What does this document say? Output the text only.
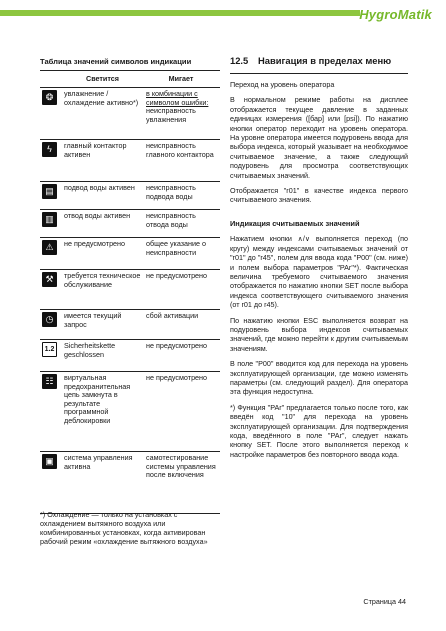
HygroMatik
Таблица значений символов индикации
	Светится	Мигает
❂	увлажнение / охлаждение активно*)	в комбинации с символом ошибки: неисправность увлажнения
ϟ	главный контактор активен	неисправность главного контактора
▤	подвод воды активен	неисправность подвода воды
▥	отвод воды активен	неисправность отвода воды
⚠	не предусмотрено	общее указание о неисправности
⚒	требуется техническое обслуживание	не предусмотрено
◷	имеется текущий запрос	сбой активации
1.2	Sicherheitskette geschlossen	не предусмотрено
☷	виртуальная предохранительная цепь замкнута в результате программной деблокировки	не предусмотрено
▣	система управления активна	самотестирование системы управления после включения
*) Охлаждение — только на установках с охлаждением вытяжного воздуха или комбинированных установках, когда активирован рабочий режим «охлаждение вытяжного воздуха»
12.5	Навигация в пределах меню

Переход на уровень оператора

В нормальном режиме работы на дисплее отображается текущее давление в заданных единицах измерения ([бар] или [psi]). По нажатию кнопки оператор переходит на уровень оператора. На уровне оператора имеется подуровень ввода для выбора индекса, который указывает на необходимое считываемое значение, а также следующий подуровень для просмотра соответствующих считываемых значений.

Отображается "r01" в качестве индекса первого считываемого значения.

Индикация считываемых значений

Нажатием кнопки ∧/∨ выполняется переход (по кругу) между индексами считываемых значений от "r01" до "r45", полем для ввода кода "P00" (см. ниже) и полем выбора параметров "PAr"*). Фактическая величина требуемого считываемого значения отображается по нажатию кнопки SET после выбора индекса соответствующего считываемого значения (от r01 до r45).

По нажатию кнопки ESC выполняется возврат на подуровень выбора индексов считываемых значений, где можно перейти к другим считываемым значениям.

В поле "P00" вводится код для перехода на уровень эксплуатирующей организации, где можно изменять параметры (см. следующий раздел). Для оператора эта функция недоступна.

*) Функция "PAr" предлагается только после того, как введён код "10" для перехода на уровень эксплуатирующей организации. Для подтверждения кода, введённого в поле "PAr", следует нажать кнопку SET. После этого выполняется переход к настройке параметров без повторного ввода кода.

Страница 44
